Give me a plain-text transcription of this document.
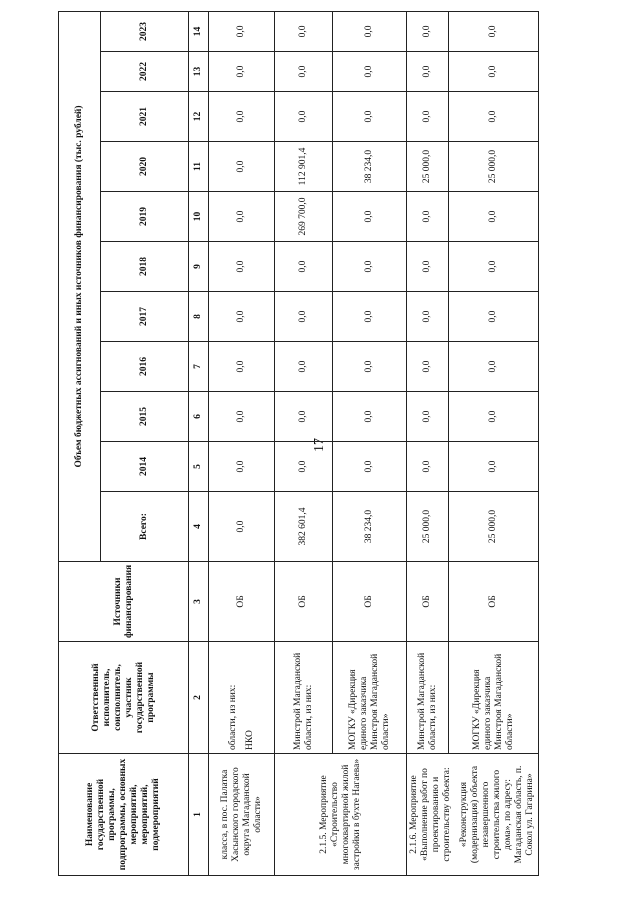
17
Наименование государственной программы, подпрограммы, основных мероприятий, мероприятий, подмероприятий	Ответственный исполнитель, соисполнитель, участник государственной программы	Источники финансирования	Объем бюджетных ассигнований и иных источников финансирования (тыс. рублей)										
			Всего:	2014	2015	2016	2017	2018	2019	2020	2021	2022	2023
1	2	3	4	5	6	7	8	9	10	11	12	13	14
класса, в пос. Палатка Хасынского городского округа Магаданской области»	области, из них: НКО	ОБ	0,0	0,0	0,0	0,0	0,0	0,0	0,0	0,0	0,0	0,0	0,0
2.1.5. Мероприятие «Строительство многоквартирной жилой застройки в бухте Нагаева»	Минстрой Магаданской области, из них:	ОБ	382 601,4	0,0	0,0	0,0	0,0	0,0	269 700,0	112 901,4	0,0	0,0	0,0
	МОГКУ «Дирекция единого заказчика Минстроя Магаданской области»	ОБ	38 234,0	0,0	0,0	0,0	0,0	0,0	0,0	38 234,0	0,0	0,0	0,0

2.1.6. Мероприятие «Выполнение работ по проектированию и строительству объекта: «Реконструкция (модернизация) объекта незавершенного строительства жилого дома», по адресу: Магаданская область, п. Сокол ул. Гагарина»	Минстрой Магаданской области, из них:	ОБ	25 000,0	0,0	0,0	0,0	0,0	0,0	0,0	25 000,0	0,0	0,0	0,0
	МОГКУ «Дирекция единого заказчика Минстроя Магаданской области»	ОБ	25 000,0	0,0	0,0	0,0	0,0	0,0	0,0	25 000,0	0,0	0,0	0,0
